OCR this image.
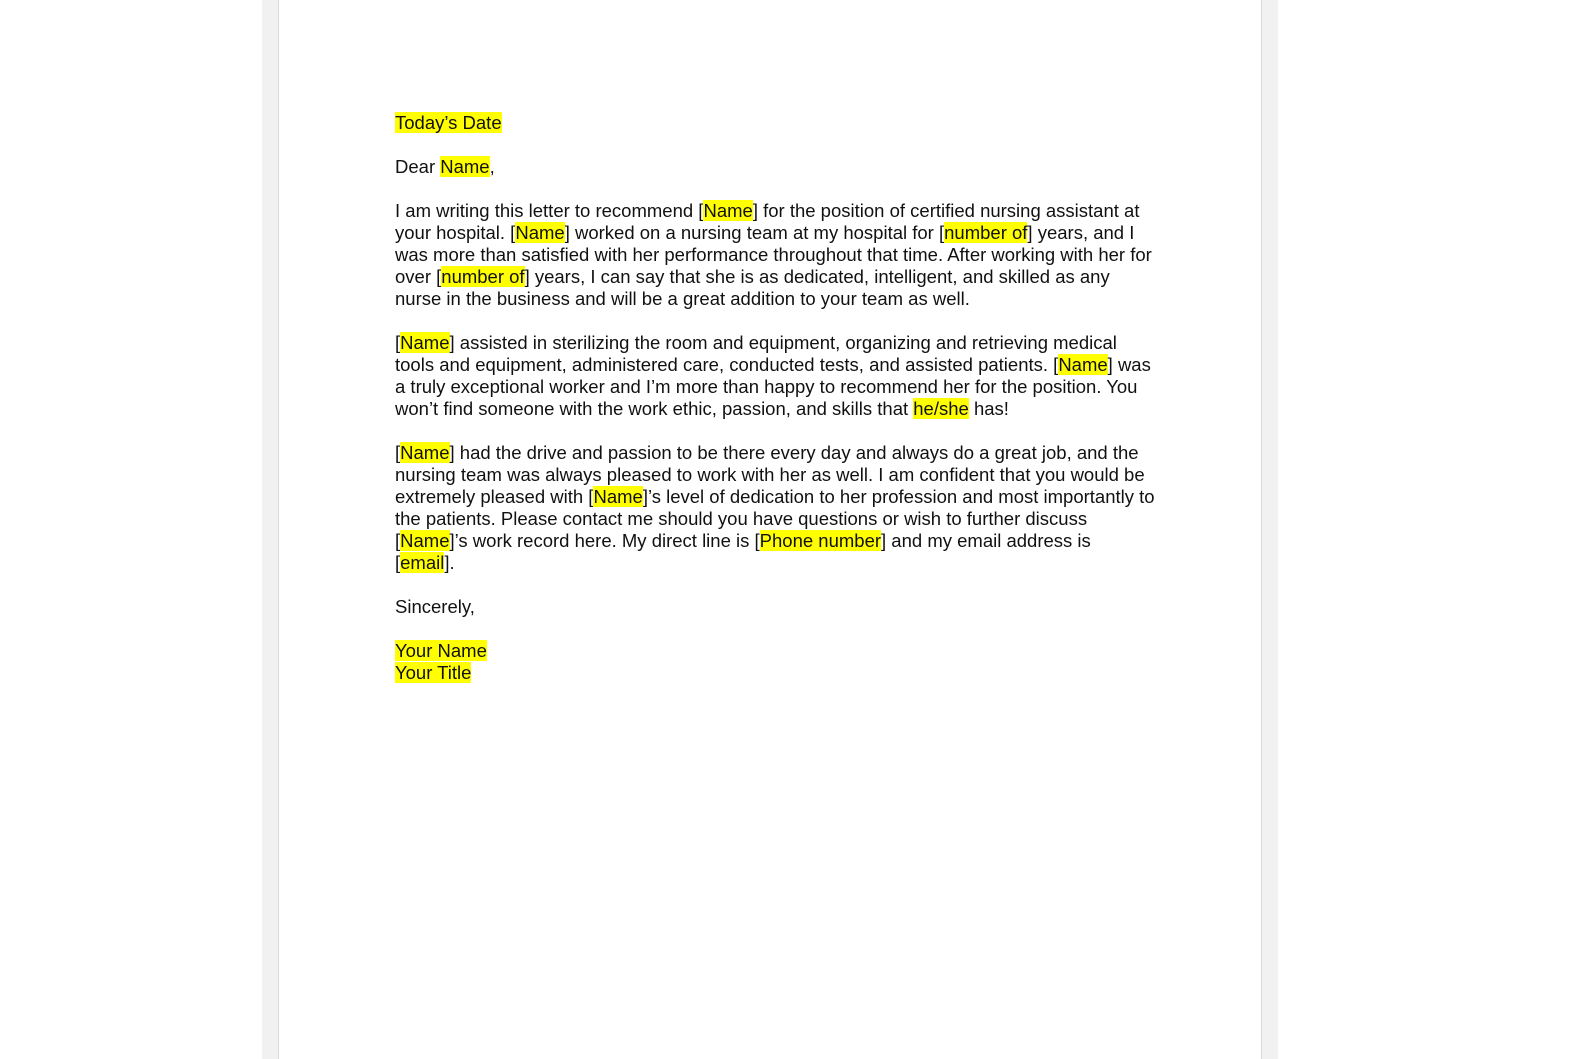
Today’s Date

Dear Name,

I am writing this letter to recommend [Name] for the position of certified nursing assistant at your hospital. [Name] worked on a nursing team at my hospital for [number of] years, and I was more than satisfied with her performance throughout that time. After working with her for over [number of] years, I can say that she is as dedicated, intelligent, and skilled as any nurse in the business and will be a great addition to your team as well.

[Name] assisted in sterilizing the room and equipment, organizing and retrieving medical tools and equipment, administered care, conducted tests, and assisted patients. [Name] was a truly exceptional worker and I’m more than happy to recommend her for the position. You won’t find someone with the work ethic, passion, and skills that he/she has!

[Name] had the drive and passion to be there every day and always do a great job, and the nursing team was always pleased to work with her as well. I am confident that you would be extremely pleased with [Name]’s level of dedication to her profession and most importantly to the patients. Please contact me should you have questions or wish to further discuss [Name]’s work record here. My direct line is [Phone number] and my email address is [email].

Sincerely,

Your Name
Your Title
